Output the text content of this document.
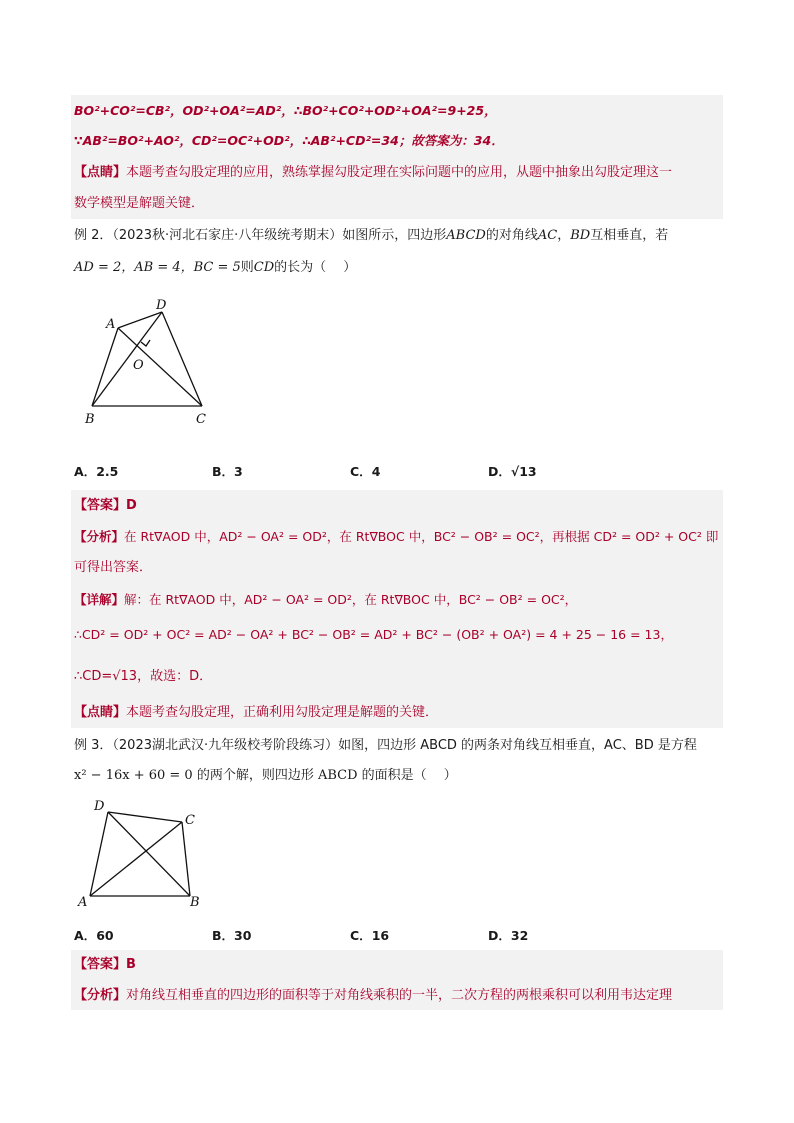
BO²+CO²=CB²，OD²+OA²=AD²，∴BO²+CO²+OD²+OA²=9+25，
∵AB²=BO²+AO²，CD²=OC²+OD²，∴AB²+CD²=34；故答案为：34．
【点睛】本题考查勾股定理的应用，熟练掌握勾股定理在实际问题中的应用，从题中抽象出勾股定理这一
数学模型是解题关键．
例 2．（2023秋·河北石家庄·八年级统考期末）如图所示，四边形ABCD的对角线AC，BD互相垂直，若
AD = 2，AB = 4，BC = 5则CD的长为（　 ）
A
D
O
B	C
A．2.5	B．3	C．4	D．√13
【答案】D
【分析】在 Rt∇AOD 中，AD² − OA² = OD²，在 Rt∇BOC 中，BC² − OB² = OC²，再根据 CD² = OD² + OC² 即
可得出答案．
【详解】解：在 Rt∇AOD 中，AD² − OA² = OD²，在 Rt∇BOC 中，BC² − OB² = OC²，
∴CD² = OD² + OC² = AD² − OA² + BC² − OB² = AD² + BC² − (OB² + OA²) = 4 + 25 − 16 = 13，
∴CD=√13，故选：D．
【点睛】本题考查勾股定理，正确利用勾股定理是解题的关键．
例 3．（2023湖北武汉·九年级校考阶段练习）如图，四边形 ABCD 的两条对角线互相垂直，AC、BD 是方程
x² − 16x + 60 = 0 的两个解，则四边形 ABCD 的面积是（　 ）
D
C
A	B
A．60	B．30	C．16	D．32
【答案】B
【分析】对角线互相垂直的四边形的面积等于对角线乘积的一半，二次方程的两根乘积可以利用韦达定理
